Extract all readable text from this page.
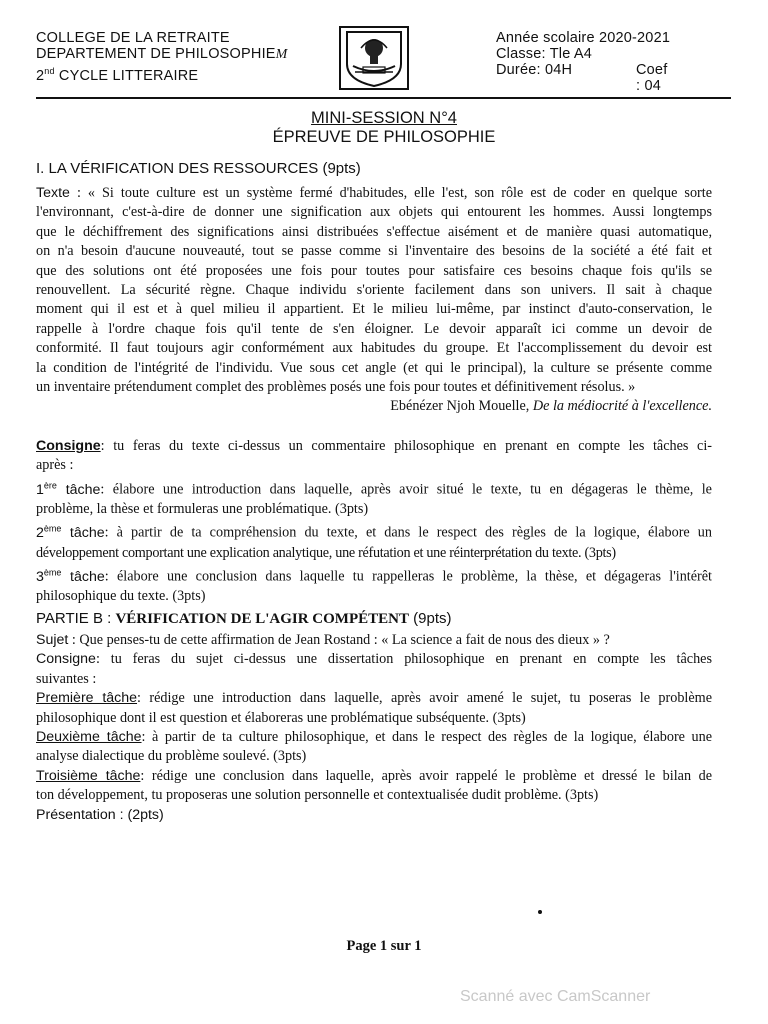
COLLEGE DE LA RETRAITE
DEPARTEMENT DE PHILOSOPHIEM
2nd CYCLE LITTERAIRE
Année scolaire 2020-2021
Classe: Tle A4
Durée: 04H	Coef : 04
MINI-SESSION N°4
ÉPREUVE DE PHILOSOPHIE
I. LA VÉRIFICATION DES RESSOURCES (9pts)

Texte : « Si toute culture est un système fermé d'habitudes, elle l'est, son rôle est de coder en quelque sorte

l'environnant, c'est-à-dire de donner une signification aux objets qui entourent les hommes. Aussi longtemps

que le déchiffrement des significations ainsi distribuées s'effectue aisément et de manière quasi automatique,

on n'a besoin d'aucune nouveauté, tout se passe comme si l'inventaire des besoins de la société a été fait et

que des solutions ont été proposées une fois pour toutes pour satisfaire ces besoins chaque fois qu'ils se

renouvellent. La sécurité règne. Chaque individu s'oriente facilement dans son univers. Il sait à chaque

moment qui il est et à quel milieu il appartient. Et le milieu lui-même, par instinct d'auto-conservation, le

rappelle à l'ordre chaque fois qu'il tente de s'en éloigner. Le devoir apparaît ici comme un devoir de

conformité. Il faut toujours agir conformément aux habitudes du groupe. Et l'accomplissement du devoir est

la condition de l'intégrité de l'individu. Vue sous cet angle (et qui le principal), la culture se présente comme

un inventaire prétendument complet des problèmes posés une fois pour toutes et définitivement résolus. »

Ebénézer Njoh Mouelle, De la médiocrité à l'excellence.

Consigne: tu feras du texte ci-dessus un commentaire philosophique en prenant en compte les tâches ci-

après :

1ère tâche: élabore une introduction dans laquelle, après avoir situé le texte, tu en dégageras le thème, le

problème, la thèse et formuleras une problématique. (3pts)

2ème tâche: à partir de ta compréhension du texte, et dans le respect des règles de la logique, élabore un

développement comportant une explication analytique, une réfutation et une réinterprétation du texte. (3pts)

3ème tâche: élabore une conclusion dans laquelle tu rappelleras le problème, la thèse, et dégageras l'intérêt

philosophique du texte. (3pts)

PARTIE B : VÉRIFICATION DE L'AGIR COMPÉTENT (9pts)

Sujet : Que penses-tu de cette affirmation de Jean Rostand : « La science a fait de nous des dieux » ?

Consigne: tu feras du sujet ci-dessus une dissertation philosophique en prenant en compte les tâches

suivantes :

Première tâche: rédige une introduction dans laquelle, après avoir amené le sujet, tu poseras le problème

philosophique dont il est question et élaboreras une problématique subséquente. (3pts)

Deuxième tâche: à partir de ta culture philosophique, et dans le respect des règles de la logique, élabore une

analyse dialectique du problème soulevé. (3pts)

Troisième tâche: rédige une conclusion dans laquelle, après avoir rappelé le problème et dressé le bilan de

ton développement, tu proposeras une solution personnelle et contextualisée dudit problème. (3pts)

Présentation : (2pts)

Page 1 sur 1
Scanné avec CamScanner
